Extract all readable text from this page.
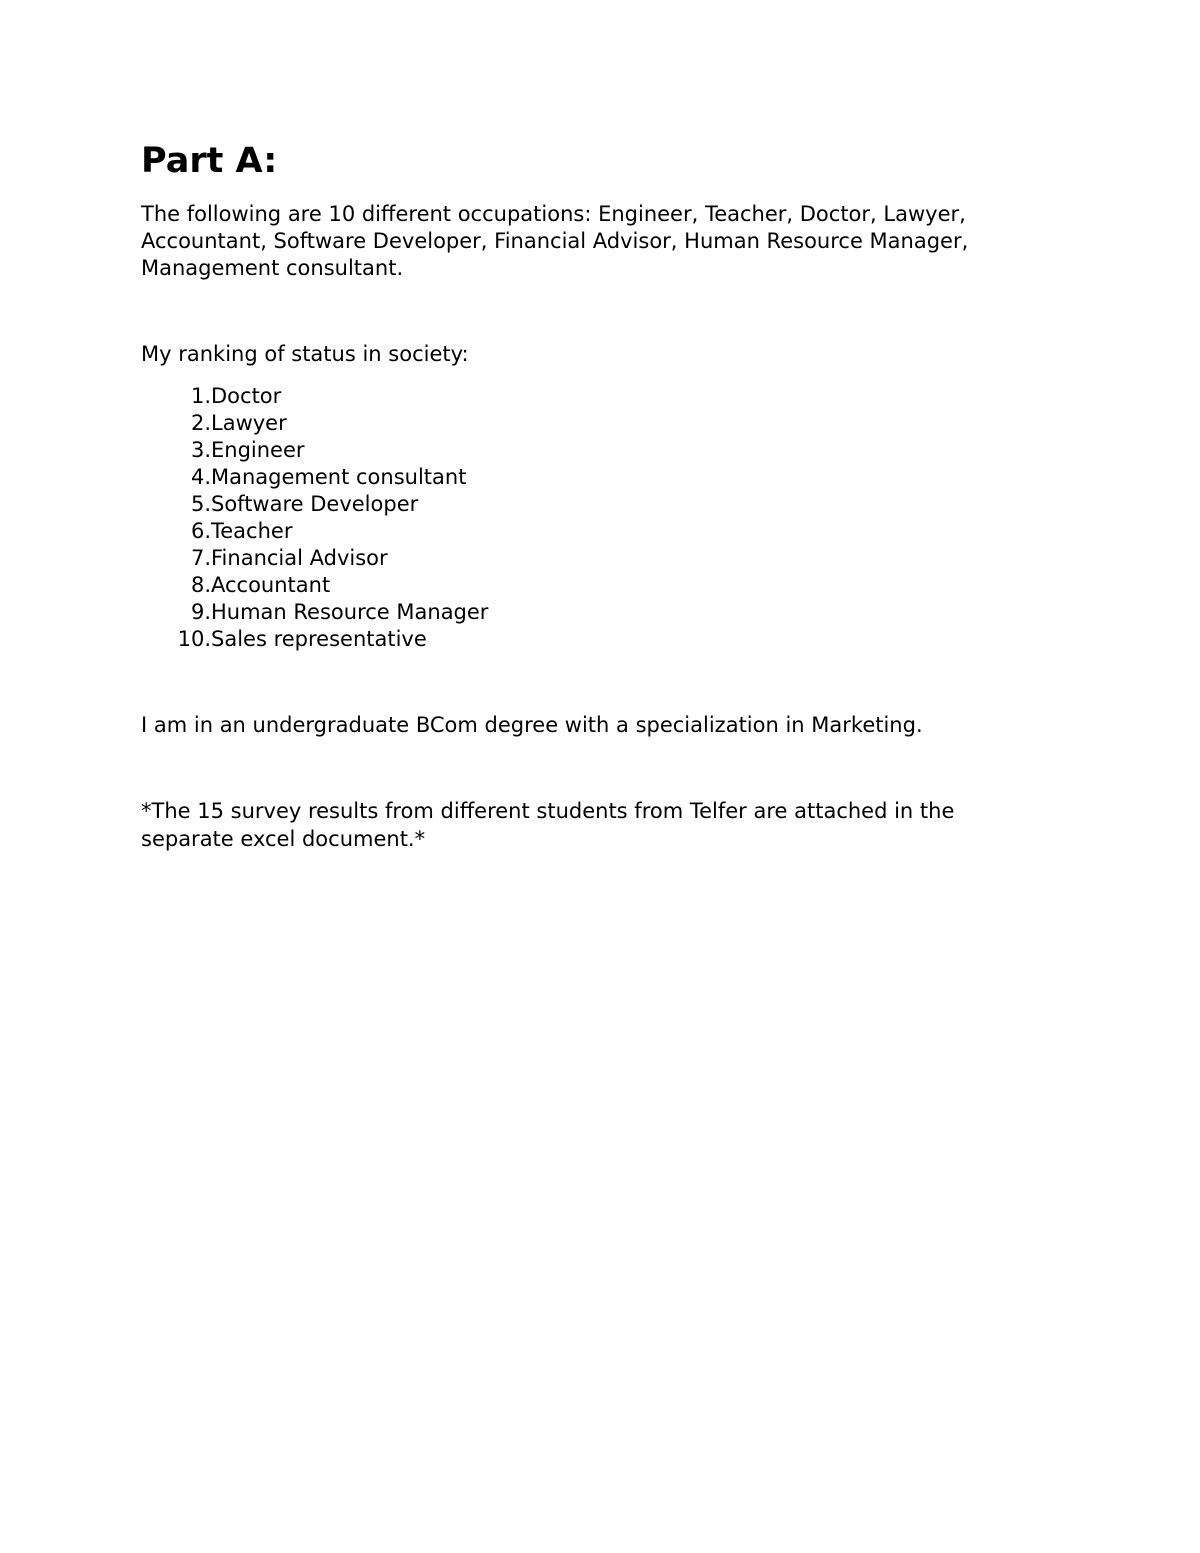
Part A:

The following are 10 different occupations: Engineer, Teacher, Doctor, Lawyer, Accountant, Software Developer, Financial Advisor, Human Resource Manager, Management consultant.

My ranking of status in society:

1. Doctor
2. Lawyer
3. Engineer
4. Management consultant
5. Software Developer
6. Teacher
7. Financial Advisor
8. Accountant
9. Human Resource Manager
10. Sales representative

I am in an undergraduate BCom degree with a specialization in Marketing.

*The 15 survey results from different students from Telfer are attached in the separate excel document.*
